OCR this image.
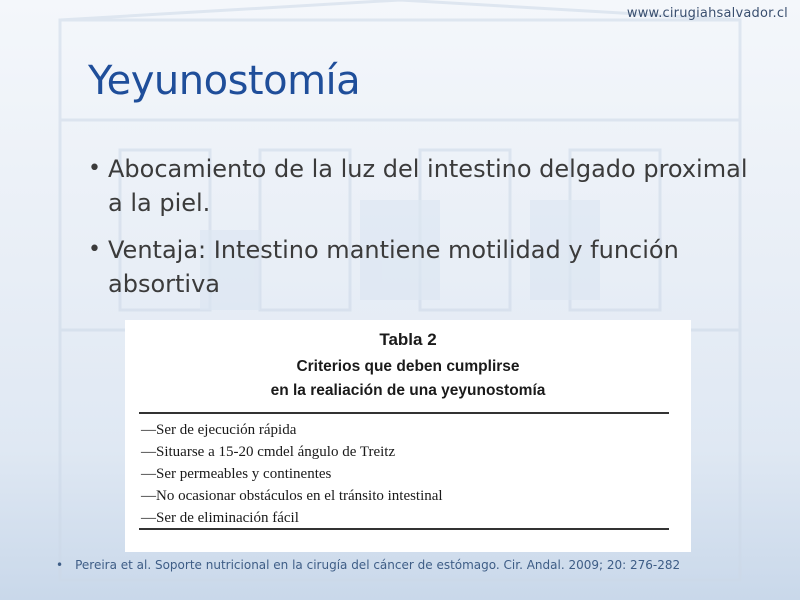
www.cirugiahsalvador.cl
Yeyunostomía
• Abocamiento de la luz del intestino delgado proximal a la piel.
• Ventaja: Intestino mantiene motilidad y función absortiva
Tabla 2
Criterios que deben cumplirse
en la realiación de una yeyunostomía
—Ser de ejecución rápida
—Situarse a 15-20 cmdel ángulo de Treitz
—Ser permeables y continentes
—No ocasionar obstáculos en el tránsito intestinal
—Ser de eliminación fácil
• Pereira et al. Soporte nutricional en la cirugía del cáncer de estómago. Cir. Andal. 2009; 20: 276-282
